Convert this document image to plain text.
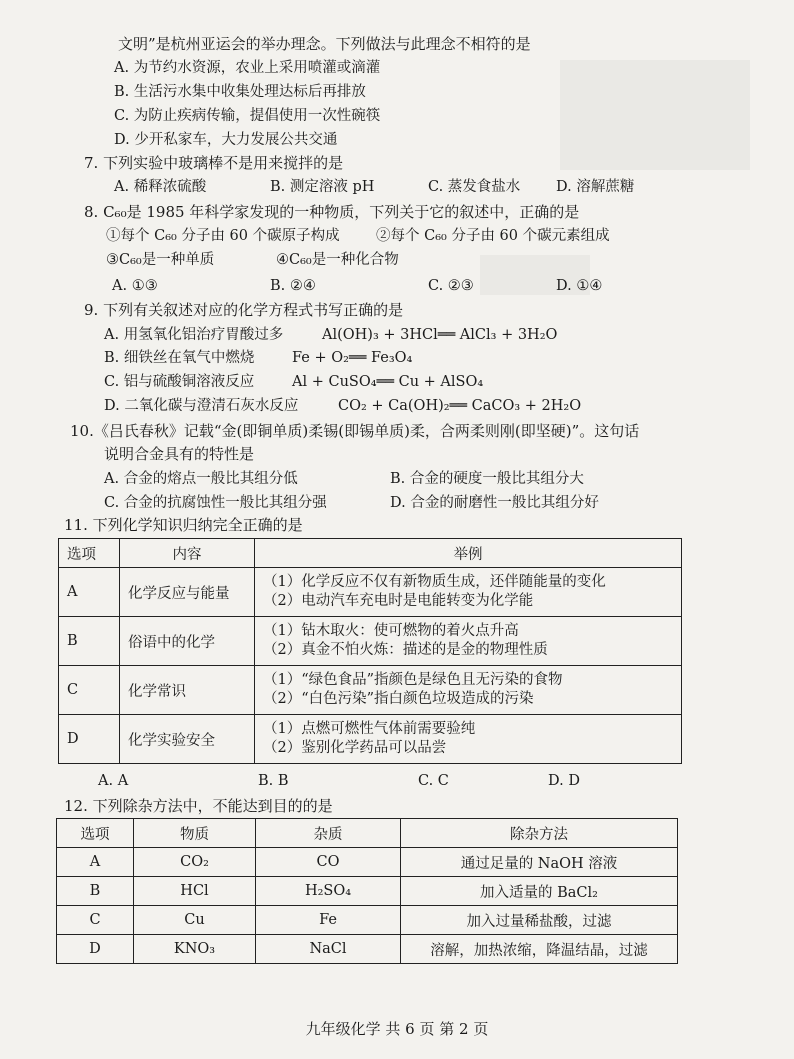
文明”是杭州亚运会的举办理念。下列做法与此理念不相符的是
A. 为节约水资源，农业上采用喷灌或滴灌
B. 生活污水集中收集处理达标后再排放
C. 为防止疾病传输，提倡使用一次性碗筷
D. 少开私家车，大力发展公共交通
7. 下列实验中玻璃棒不是用来搅拌的是
A. 稀释浓硫酸	B. 测定溶液 pH	C. 蒸发食盐水 D. 溶解蔗糖
8. C₆₀是 1985 年科学家发现的一种物质，下列关于它的叙述中，正确的是
①每个 C₆₀ 分子由 60 个碳原子构成	②每个 C₆₀ 分子由 60 个碳元素组成
③C₆₀是一种单质	④C₆₀是一种化合物
A. ①③	B. ②④	C. ②③	D. ①④
9. 下列有关叙述对应的化学方程式书写正确的是
A. 用氢氧化铝治疗胃酸过多	Al(OH)₃ + 3HCl══ AlCl₃ + 3H₂O
B. 细铁丝在氧气中燃烧	Fe + O₂══ Fe₃O₄
C. 铝与硫酸铜溶液反应	Al + CuSO₄══ Cu + AlSO₄
D. 二氧化碳与澄清石灰水反应	CO₂ + Ca(OH)₂══ CaCO₃ + 2H₂O
10.《吕氏春秋》记载“金(即铜单质)柔锡(即锡单质)柔，合两柔则刚(即坚硬)”。这句话
说明合金具有的特性是
A. 合金的熔点一般比其组分低	B. 合金的硬度一般比其组分大
C. 合金的抗腐蚀性一般比其组分强	D. 合金的耐磨性一般比其组分好
11. 下列化学知识归纳完全正确的是
选项	内容	举例
A	化学反应与能量	（1）化学反应不仅有新物质生成，还伴随能量的变化
（2）电动汽车充电时是电能转变为化学能

B	俗语中的化学	（1）钻木取火：使可燃物的着火点升高
（2）真金不怕火炼：描述的是金的物理性质

C	化学常识	（1）“绿色食品”指颜色是绿色且无污染的食物
（2）“白色污染”指白颜色垃圾造成的污染

D	化学实验安全	（1）点燃可燃性气体前需要验纯
（2）鉴别化学药品可以品尝
A. A	B. B	C. C	D. D
12. 下列除杂方法中，不能达到目的的是
选项	物质	杂质	除杂方法
A	CO₂	CO	通过足量的 NaOH 溶液
B	HCl	H₂SO₄	加入适量的 BaCl₂
C	Cu	Fe	加入过量稀盐酸，过滤
D	KNO₃	NaCl	溶解，加热浓缩，降温结晶，过滤
九年级化学 共 6 页 第 2 页
